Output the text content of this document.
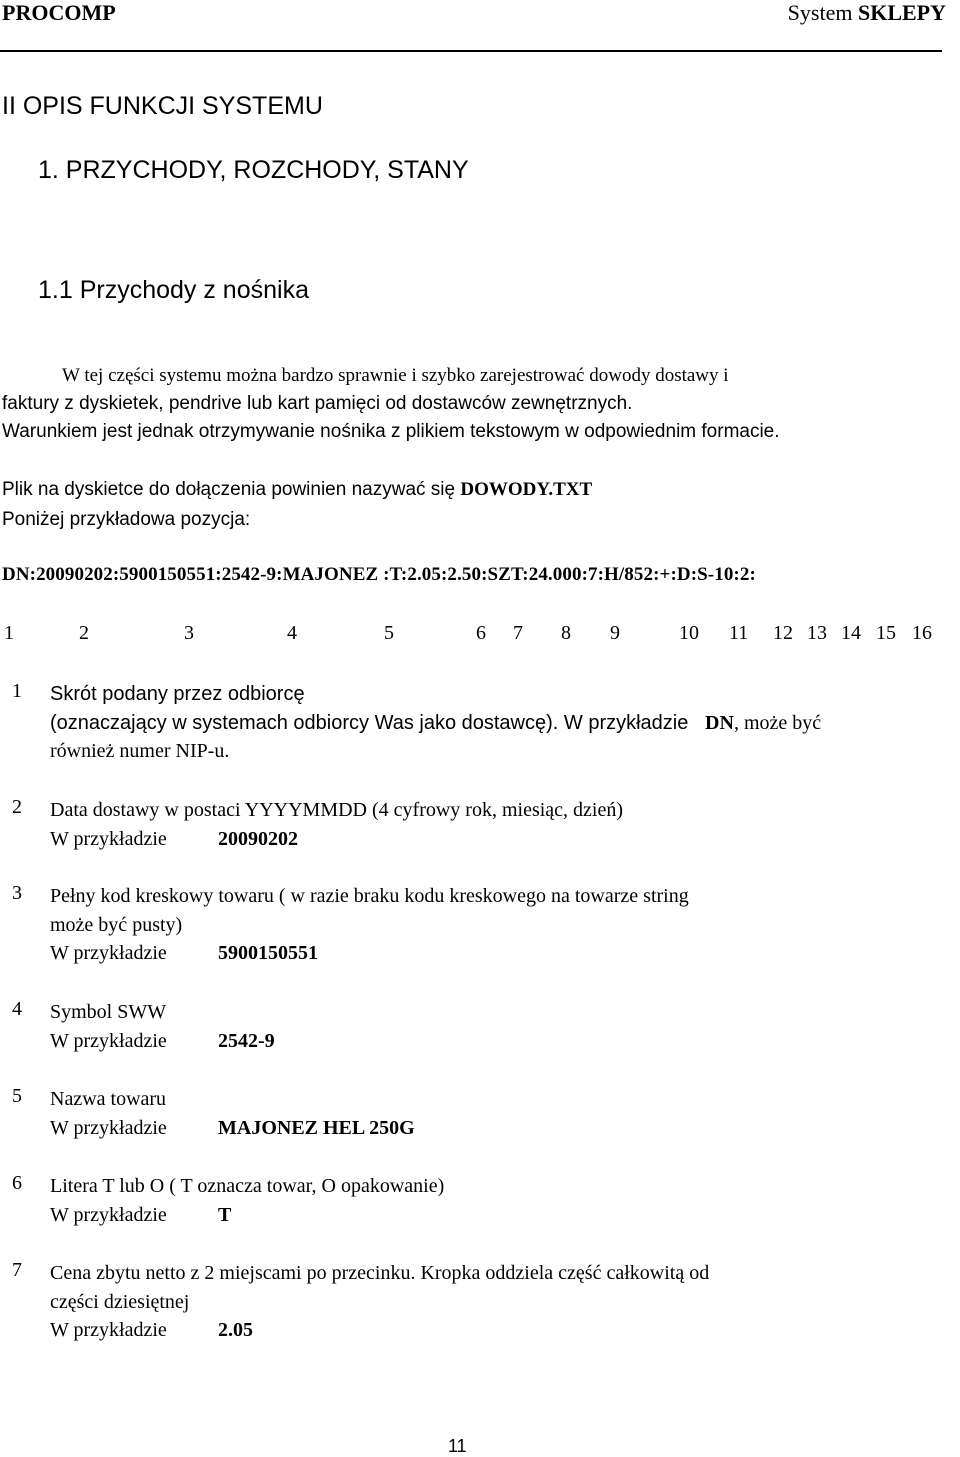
PROCOMP	System SKLEPY
II OPIS FUNKCJI SYSTEMU
1. PRZYCHODY, ROZCHODY, STANY
1.1 Przychody z nośnika
W tej części systemu można bardzo sprawnie i szybko zarejestrować dowody dostawy i
faktury z dyskietek, pendrive lub kart pamięci od dostawców zewnętrznych.
Warunkiem jest jednak otrzymywanie nośnika z plikiem tekstowym w odpowiednim formacie.
Plik na dyskietce do dołączenia powinien nazywać się DOWODY.TXT
Poniżej przykładowa pozycja:
DN:20090202:5900150551:2542-9:MAJONEZ :T:2.05:2.50:SZT:24.000:7:H/852:+:D:S-10:2:
1	2	3	4	5	6 7 8 9	10 11 12 13 14 15 16
1 Skrót podany przez odbiorcę
(oznaczający w systemach odbiorcy Was jako dostawcę). W przykładzie DN, może być
również numer NIP-u.
2 Data dostawy w postaci YYYYMMDD (4 cyfrowy rok, miesiąc, dzień)
W przykładzie	20090202
3 Pełny kod kreskowy towaru ( w razie braku kodu kreskowego na towarze string
może być pusty)
W przykładzie	5900150551
4 Symbol SWW
W przykładzie	2542-9
5 Nazwa towaru
W przykładzie	MAJONEZ HEL 250G
6 Litera T lub O ( T oznacza towar, O opakowanie)
W przykładzie	T
7 Cena zbytu netto z 2 miejscami po przecinku. Kropka oddziela część całkowitą od
części dziesiętnej
W przykładzie	2.05
11
